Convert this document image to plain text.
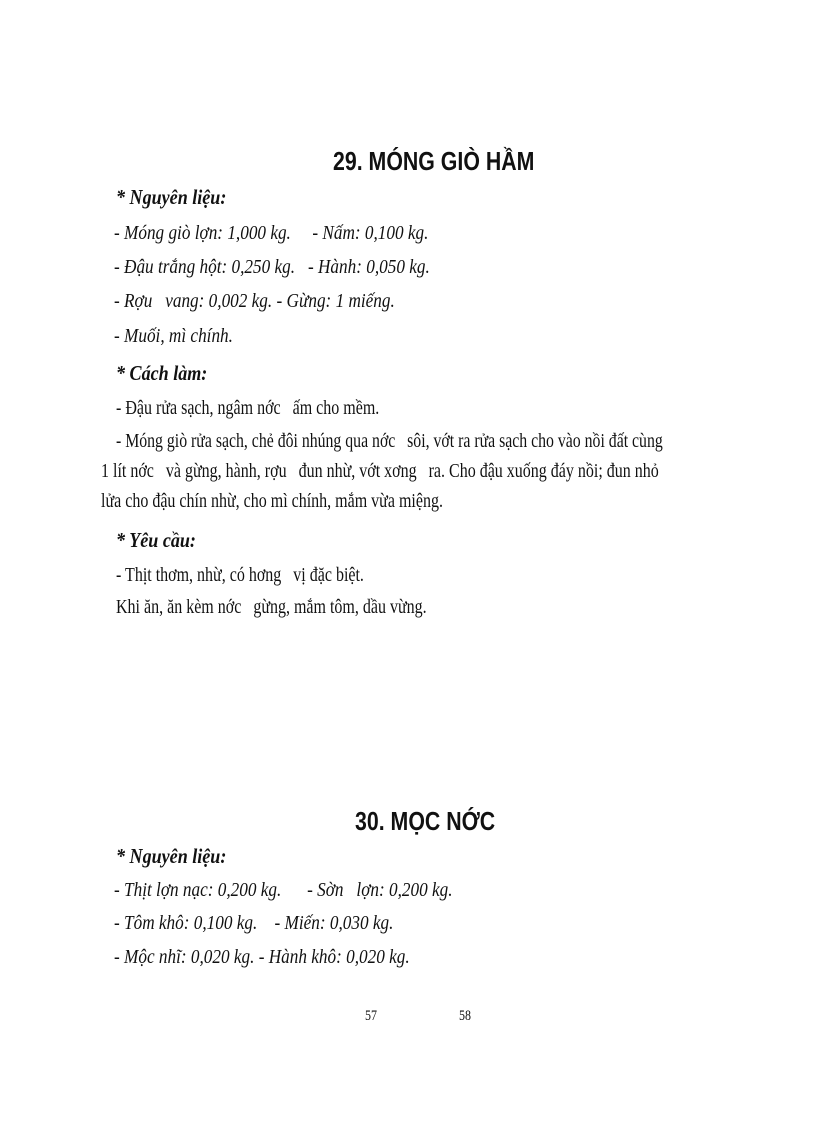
29. MÓNG GIÒ HẦM
* Nguyên liệu:
- Móng giò lợn: 1,000 kg.     - Nấm: 0,100 kg.
- Đậu trắng hột: 0,250 kg.   - Hành: 0,050 kg.
- Rợu   vang: 0,002 kg. - Gừng: 1 miếng.
- Muối, mì chính.
* Cách làm:
- Đậu rửa sạch, ngâm nớc   ấm cho mềm.
- Móng giò rửa sạch, chẻ đôi nhúng qua nớc   sôi, vớt ra rửa sạch cho vào nồi đất cùng
1 lít nớc   và gừng, hành, rợu   đun nhừ, vớt xơng   ra. Cho đậu xuống đáy nồi; đun nhỏ
lửa cho đậu chín nhừ, cho mì chính, mắm vừa miệng.
* Yêu cầu:
- Thịt thơm, nhừ, có hơng   vị đặc biệt.
Khi ăn, ăn kèm nớc   gừng, mắm tôm, dầu vừng.
30. MỌC NỚC
* Nguyên liệu:
- Thịt lợn nạc: 0,200 kg.      - Sờn   lợn: 0,200 kg.
- Tôm khô: 0,100 kg.    - Miến: 0,030 kg.
- Mộc nhĩ: 0,020 kg. - Hành khô: 0,020 kg.
57	58
